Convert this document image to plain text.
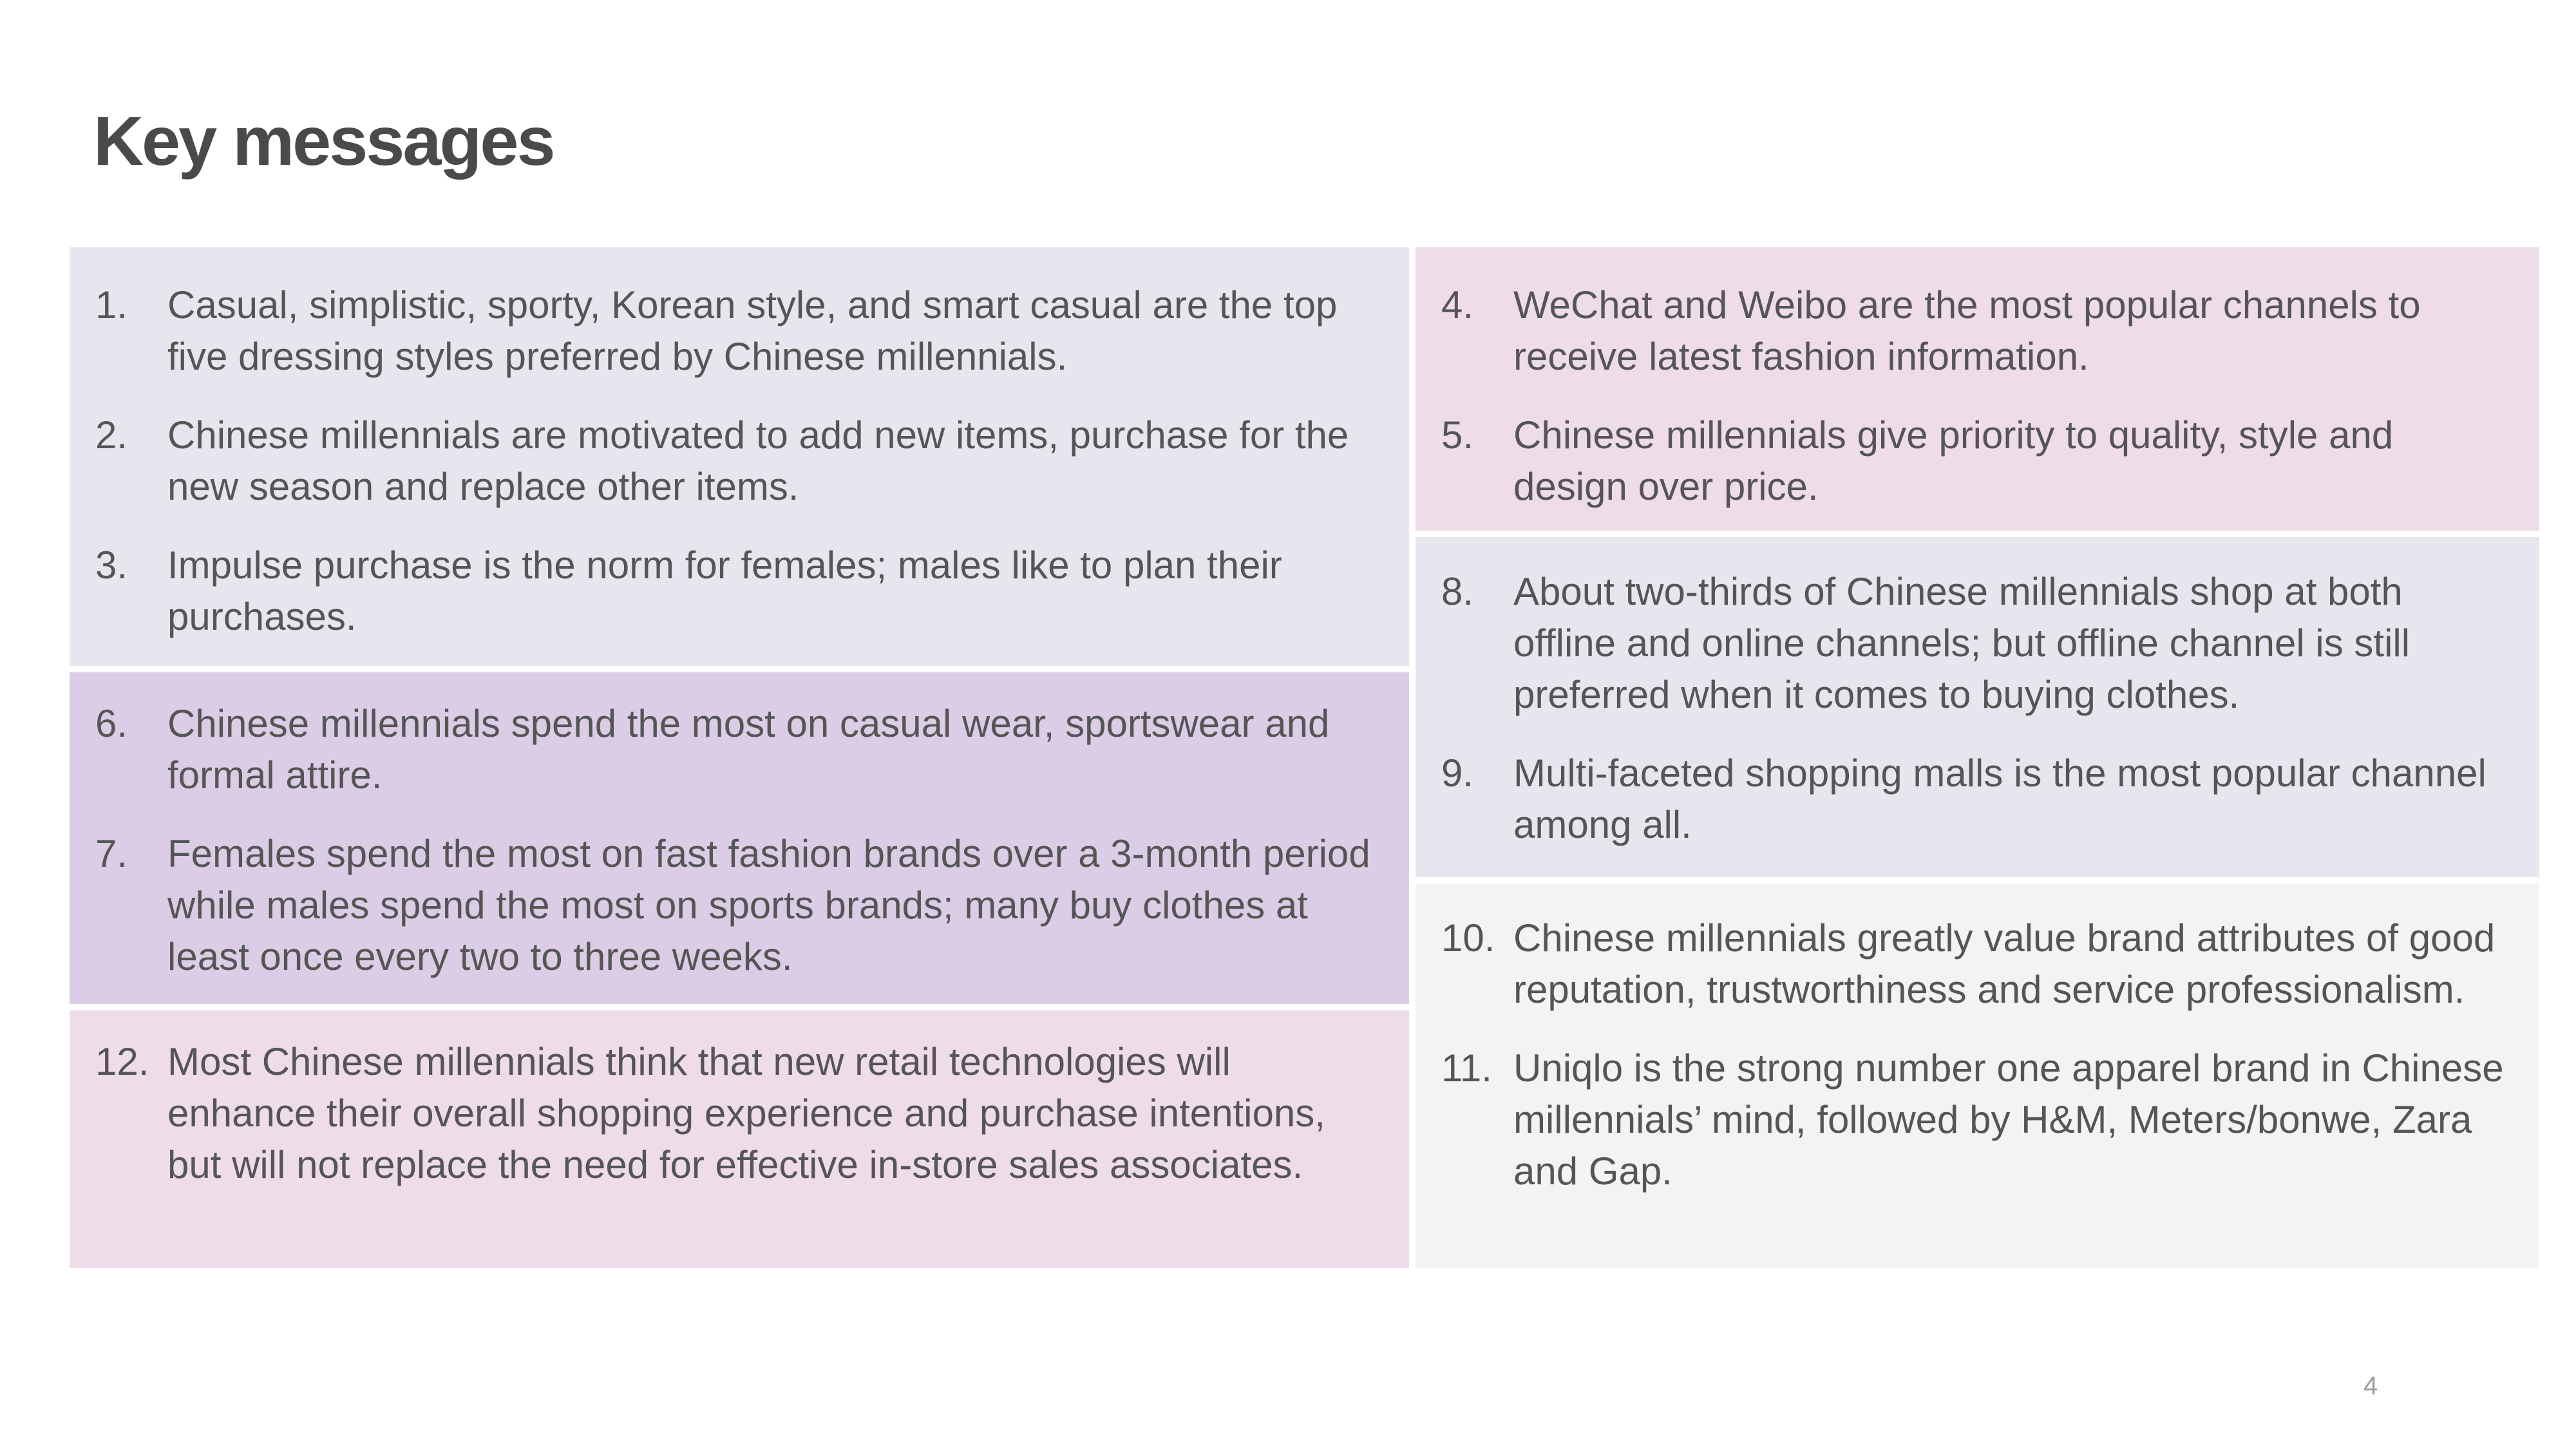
Key messages
1.	Casual, simplistic, sporty, Korean style, and smart casual are the top five dressing styles preferred by Chinese millennials.
2.	Chinese millennials are motivated to add new items, purchase for the new season and replace other items.
3.	Impulse purchase is the norm for females; males like to plan their purchases.
6.	Chinese millennials spend the most on casual wear, sportswear and formal attire.
7.	Females spend the most on fast fashion brands over a 3-month period while males spend the most on sports brands; many buy clothes at least once every two to three weeks.
12. Most Chinese millennials think that new retail technologies will enhance their overall shopping experience and purchase intentions, but will not replace the need for effective in-store sales associates.
4.	WeChat and Weibo are the most popular channels to receive latest fashion information.
5.	Chinese millennials give priority to quality, style and design over price.
8.	About two-thirds of Chinese millennials shop at both offline and online channels; but offline channel is still preferred when it comes to buying clothes.
9.	Multi-faceted shopping malls is the most popular channel among all.
10. Chinese millennials greatly value brand attributes of good reputation, trustworthiness and service professionalism.
11. Uniqlo is the strong number one apparel brand in Chinese millennials’ mind, followed by H&M, Meters/bonwe, Zara and Gap.
4
